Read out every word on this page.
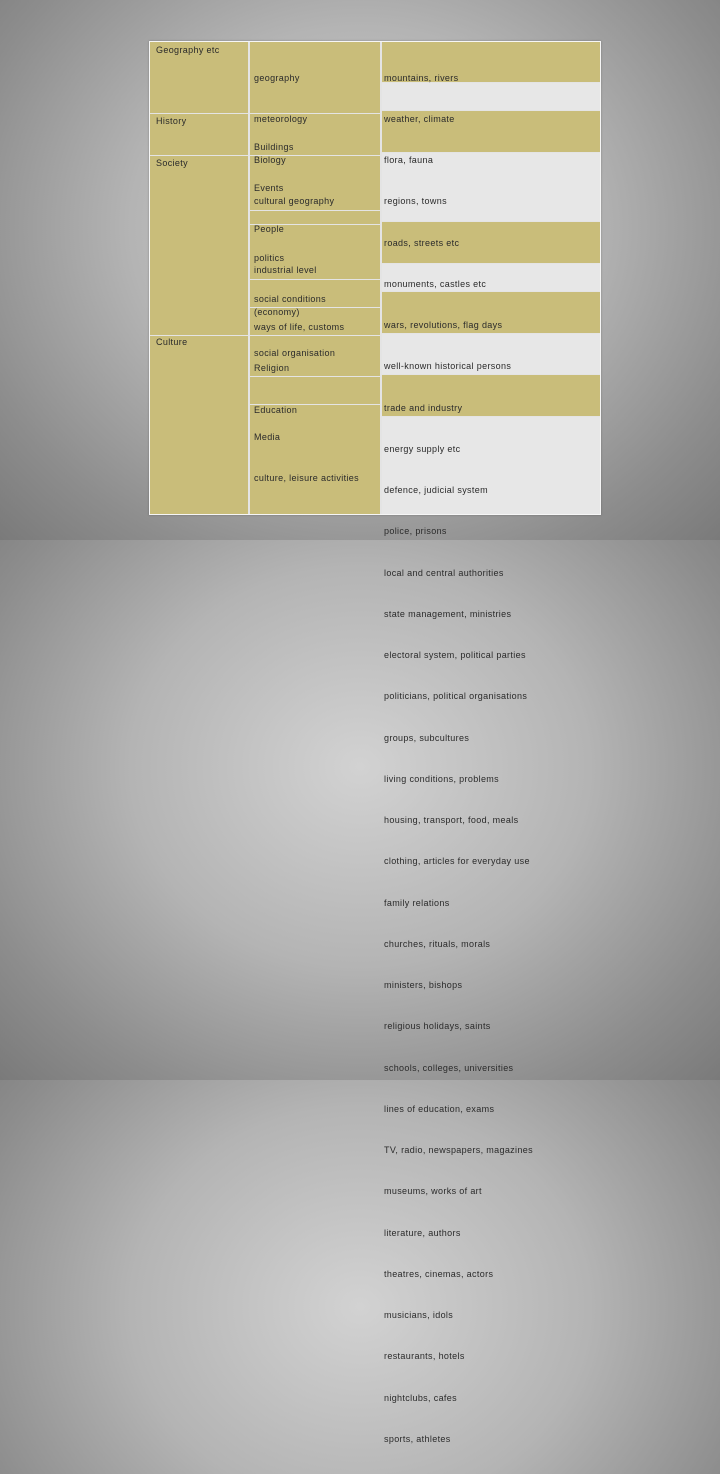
Geography etc
History
Society
Culture

geography

meteorology

Biology

cultural geography

Buildings

Events

People

industrial level

(economy)

social organisation

politics

social conditions

ways of life, customs

Religion

Education

Media

culture, leisure activities

mountains, rivers

weather, climate

flora, fauna

regions, towns

roads, streets etc

monuments, castles etc

wars, revolutions, flag days

well-known historical persons

trade and industry

energy supply etc

defence, judicial system

police, prisons

local and central authorities

state management, ministries

electoral system, political parties

politicians, political organisations

groups, subcultures

living conditions, problems

housing, transport, food, meals

clothing, articles for everyday use

family relations

churches, rituals, morals

ministers, bishops

religious holidays, saints

schools, colleges, universities

lines of education, exams

TV, radio, newspapers, magazines

museums, works of art

literature, authors

theatres, cinemas, actors

musicians, idols

restaurants, hotels

nightclubs, cafes

sports, athletes
